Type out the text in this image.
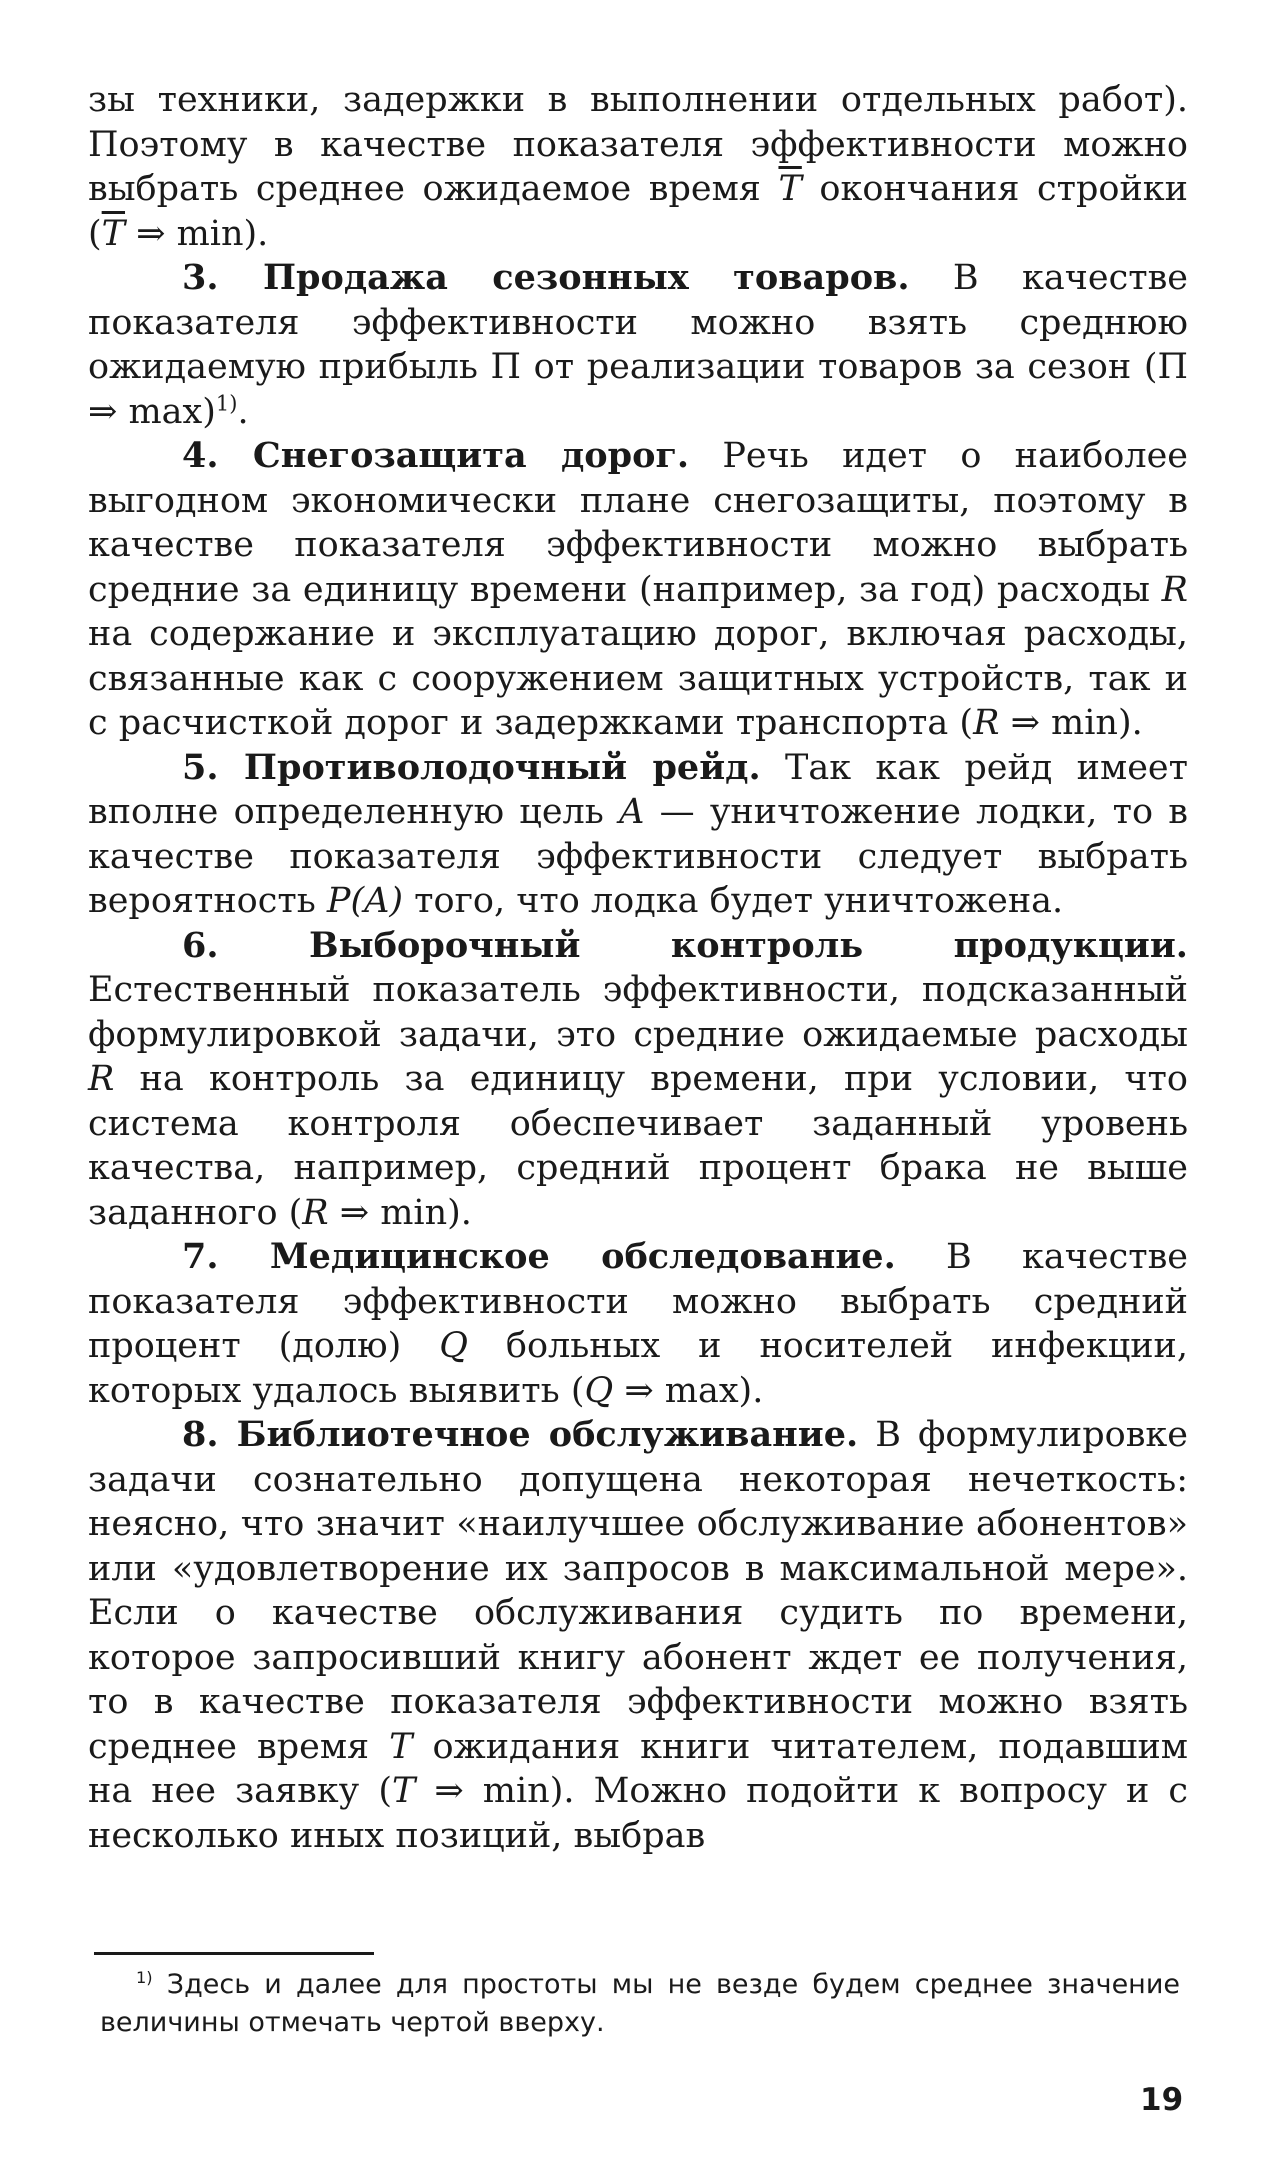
зы техники, задержки в выполнении отдельных работ). Поэтому в качестве показателя эффективности можно выбрать среднее ожидаемое время $\overline{T}$ окончания стройки ($\overline{T}$ ⇒ min).

3. Продажа сезонных товаров. В качестве показателя эффективности можно взять среднюю ожидаемую прибыль П от реализации товаров за сезон (П ⇒ max)$^{1)}$.

4. Снегозащита дорог. Речь идет о наиболее выгодном экономически плане снегозащиты, поэтому в качестве показателя эффективности можно выбрать средние за единицу времени (например, за год) расходы R на содержание и эксплуатацию дорог, включая расходы, связанные как с сооружением защитных устройств, так и с расчисткой дорог и задержками транспорта (R ⇒ min).

5. Противолодочный рейд. Так как рейд имеет вполне определенную цель A — уничтожение лодки, то в качестве показателя эффективности следует выбрать вероятность P(A) того, что лодка будет уничтожена.

6. Выборочный контроль продукции. Естественный показатель эффективности, подсказанный формулировкой задачи, это средние ожидаемые расходы R на контроль за единицу времени, при условии, что система контроля обеспечивает заданный уровень качества, например, средний процент брака не выше заданного (R ⇒ min).

7. Медицинское обследование. В качестве показателя эффективности можно выбрать средний процент (долю) Q больных и носителей инфекции, которых удалось выявить (Q ⇒ max).

8. Библиотечное обслуживание. В формулировке задачи сознательно допущена некоторая нечеткость: неясно, что значит «наилучшее обслуживание абонентов» или «удовлетворение их запросов в максимальной мере». Если о качестве обслуживания судить по времени, которое запросивший книгу абонент ждет ее получения, то в качестве показателя эффективности можно взять среднее время T ожидания книги читателем, подавшим на нее заявку (T ⇒ min). Можно подойти к вопросу и с несколько иных позиций, выбрав

$^{1)}$ Здесь и далее для простоты мы не везде будем среднее значение величины отмечать чертой вверху.
19
